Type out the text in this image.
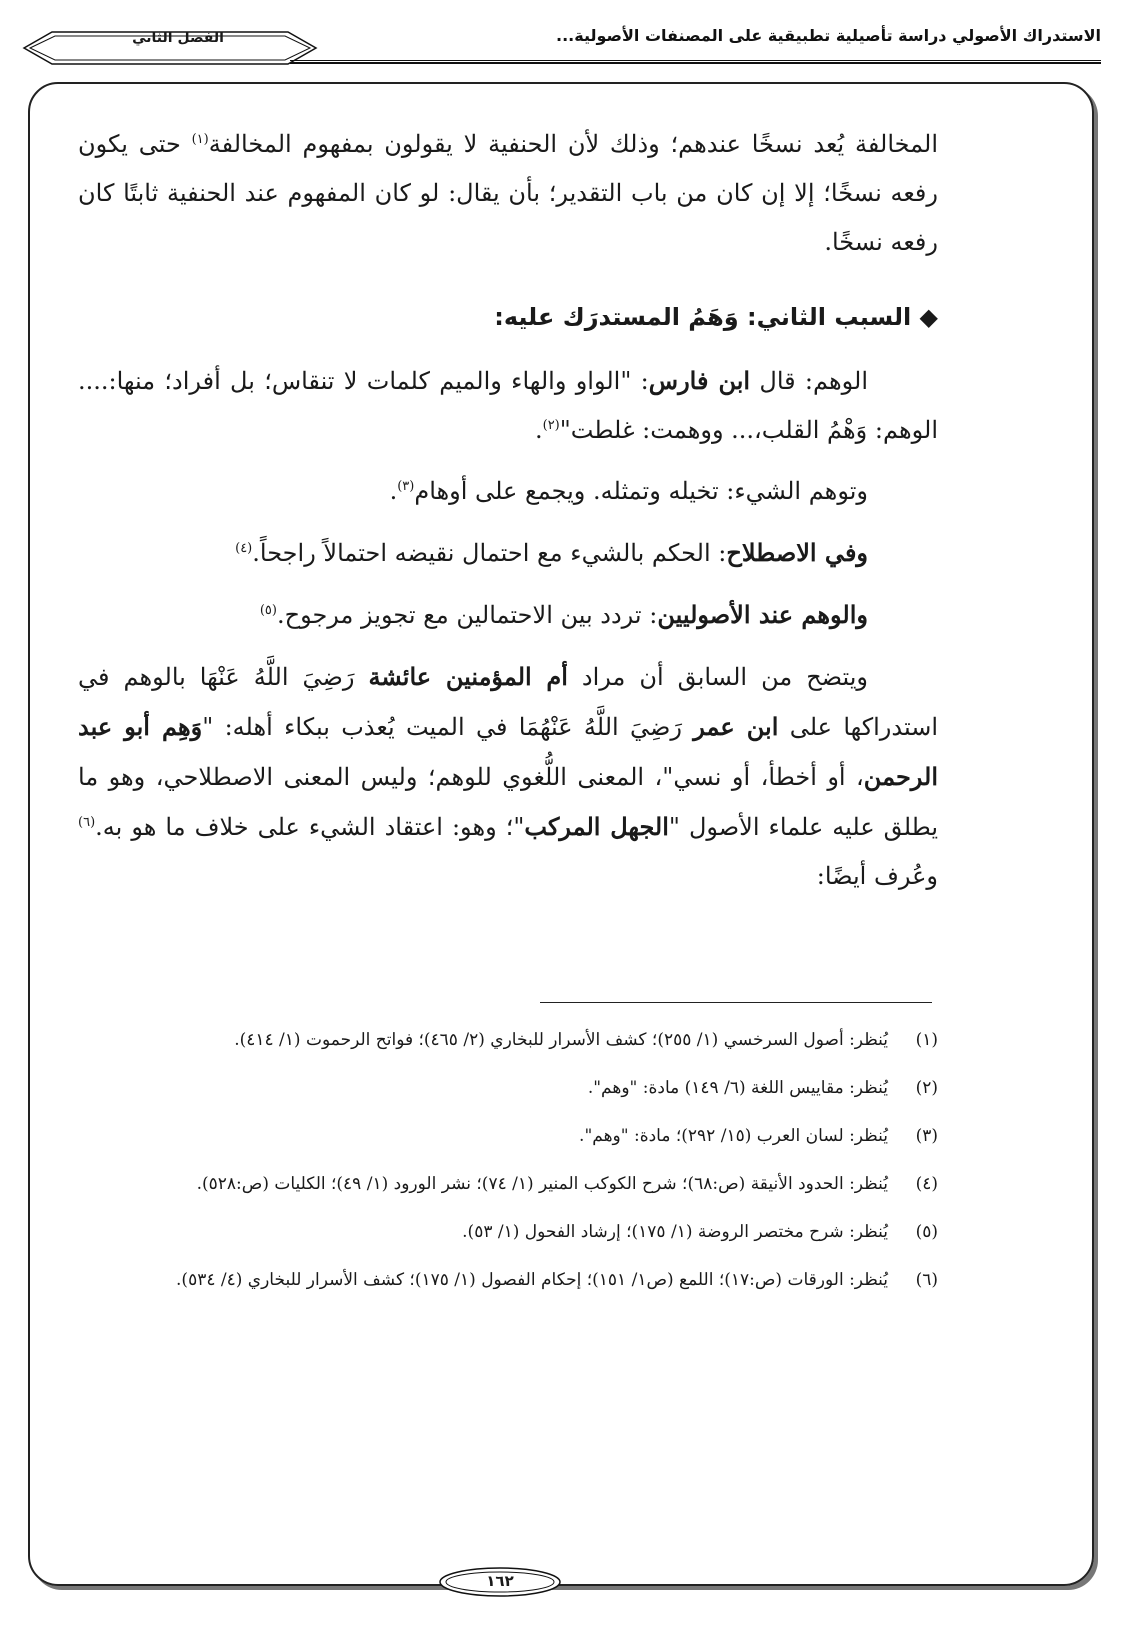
الاستدراك الأصولي دراسة تأصيلية تطبيقية على المصنفات الأصولية...
الفصل الثاني

المخالفة يُعد نسخًا عندهم؛ وذلك لأن الحنفية لا يقولون بمفهوم المخالفة$^{(١)}$ حتى يكون رفعه نسخًا؛ إلا إن كان من باب التقدير؛ بأن يقال: لو كان المفهوم عند الحنفية ثابتًا كان رفعه نسخًا.

◆ السبب الثاني: وَهَمُ المستدرَك عليه:

الوهم: قال ابن فارس: "الواو والهاء والميم كلمات لا تنقاس؛ بل أفراد؛ منها:.... الوهم: وَهْمُ القلب،... ووهمت: غلطت"$^{(٢)}$.

وتوهم الشيء: تخيله وتمثله. ويجمع على أوهام$^{(٣)}$.

وفي الاصطلاح: الحكم بالشيء مع احتمال نقيضه احتمالاً راجحاً.$^{(٤)}$

والوهم عند الأصوليين: تردد بين الاحتمالين مع تجويز مرجوح.$^{(٥)}$

ويتضح من السابق أن مراد أم المؤمنين عائشة رَضِيَ اللَّهُ عَنْهَا بالوهم في استدراكها على ابن عمر رَضِيَ اللَّهُ عَنْهُمَا في الميت يُعذب ببكاء أهله: "وَهِم أبو عبد الرحمن، أو أخطأ، أو نسي"، المعنى اللُّغوي للوهم؛ وليس المعنى الاصطلاحي، وهو ما يطلق عليه علماء الأصول "الجهل المركب"؛ وهو: اعتقاد الشيء على خلاف ما هو به.$^{(٦)}$ وعُرف أيضًا:

(١)
يُنظر: أصول السرخسي (١/ ٢٥٥)؛ كشف الأسرار للبخاري (٢/ ٤٦٥)؛ فواتح الرحموت (١/ ٤١٤).
(٢)
يُنظر: مقاييس اللغة (٦/ ١٤٩) مادة: "وهم".
(٣)
يُنظر: لسان العرب (١٥/ ٢٩٢)؛ مادة: "وهم".
(٤)
يُنظر: الحدود الأنيقة (ص:٦٨)؛ شرح الكوكب المنير (١/ ٧٤)؛ نشر الورود (١/ ٤٩)؛ الكليات (ص:٥٢٨).
(٥)
يُنظر: شرح مختصر الروضة (١/ ١٧٥)؛ إرشاد الفحول (١/ ٥٣).
(٦)
يُنظر: الورقات (ص:١٧)؛ اللمع (ص١/ ١٥١)؛ إحكام الفصول (١/ ١٧٥)؛ كشف الأسرار للبخاري (٤/ ٥٣٤).
١٦٢
